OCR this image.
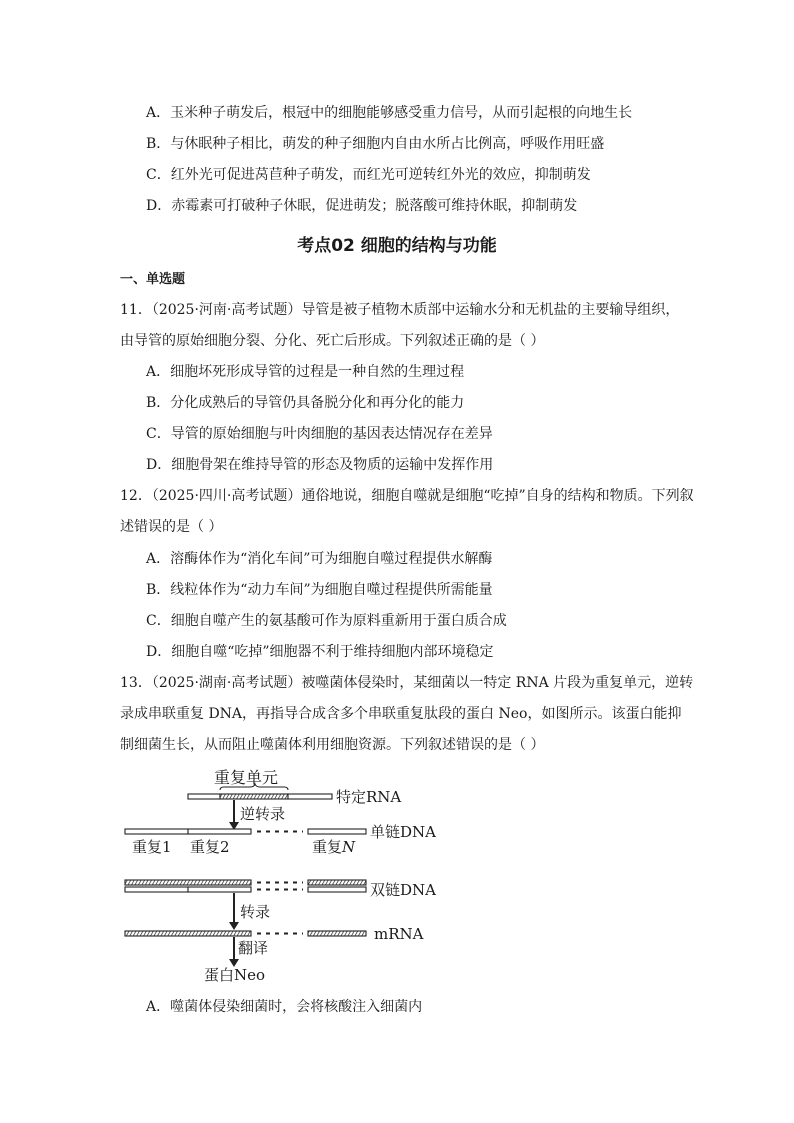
A．玉米种子萌发后，根冠中的细胞能够感受重力信号，从而引起根的向地生长
B．与休眠种子相比，萌发的种子细胞内自由水所占比例高，呼吸作用旺盛
C．红外光可促进莴苣种子萌发，而红光可逆转红外光的效应，抑制萌发
D．赤霉素可打破种子休眠，促进萌发；脱落酸可维持休眠，抑制萌发
考点02 细胞的结构与功能
一、单选题
11．（2025·河南·高考试题）导管是被子植物木质部中运输水分和无机盐的主要输导组织，
由导管的原始细胞分裂、分化、死亡后形成。下列叙述正确的是（ ）
A．细胞坏死形成导管的过程是一种自然的生理过程
B．分化成熟后的导管仍具备脱分化和再分化的能力
C．导管的原始细胞与叶肉细胞的基因表达情况存在差异
D．细胞骨架在维持导管的形态及物质的运输中发挥作用
12．（2025·四川·高考试题）通俗地说，细胞自噬就是细胞“吃掉”自身的结构和物质。下列叙
述错误的是（ ）
A．溶酶体作为“消化车间”可为细胞自噬过程提供水解酶
B．线粒体作为“动力车间”为细胞自噬过程提供所需能量
C．细胞自噬产生的氨基酸可作为原料重新用于蛋白质合成
D．细胞自噬“吃掉”细胞器不利于维持细胞内部环境稳定
13．（2025·湖南·高考试题）被噬菌体侵染时，某细菌以一特定 RNA 片段为重复单元，逆转
录成串联重复 DNA，再指导合成含多个串联重复肽段的蛋白 Neo，如图所示。该蛋白能抑
制细菌生长，从而阻止噬菌体利用细胞资源。下列叙述错误的是（ ）
重复单元
特定RNA
逆转录
单链DNA
重复1 重复2	重复N
双链DNA
转录
mRNA
翻译
蛋白Neo
A．噬菌体侵染细菌时，会将核酸注入细菌内
